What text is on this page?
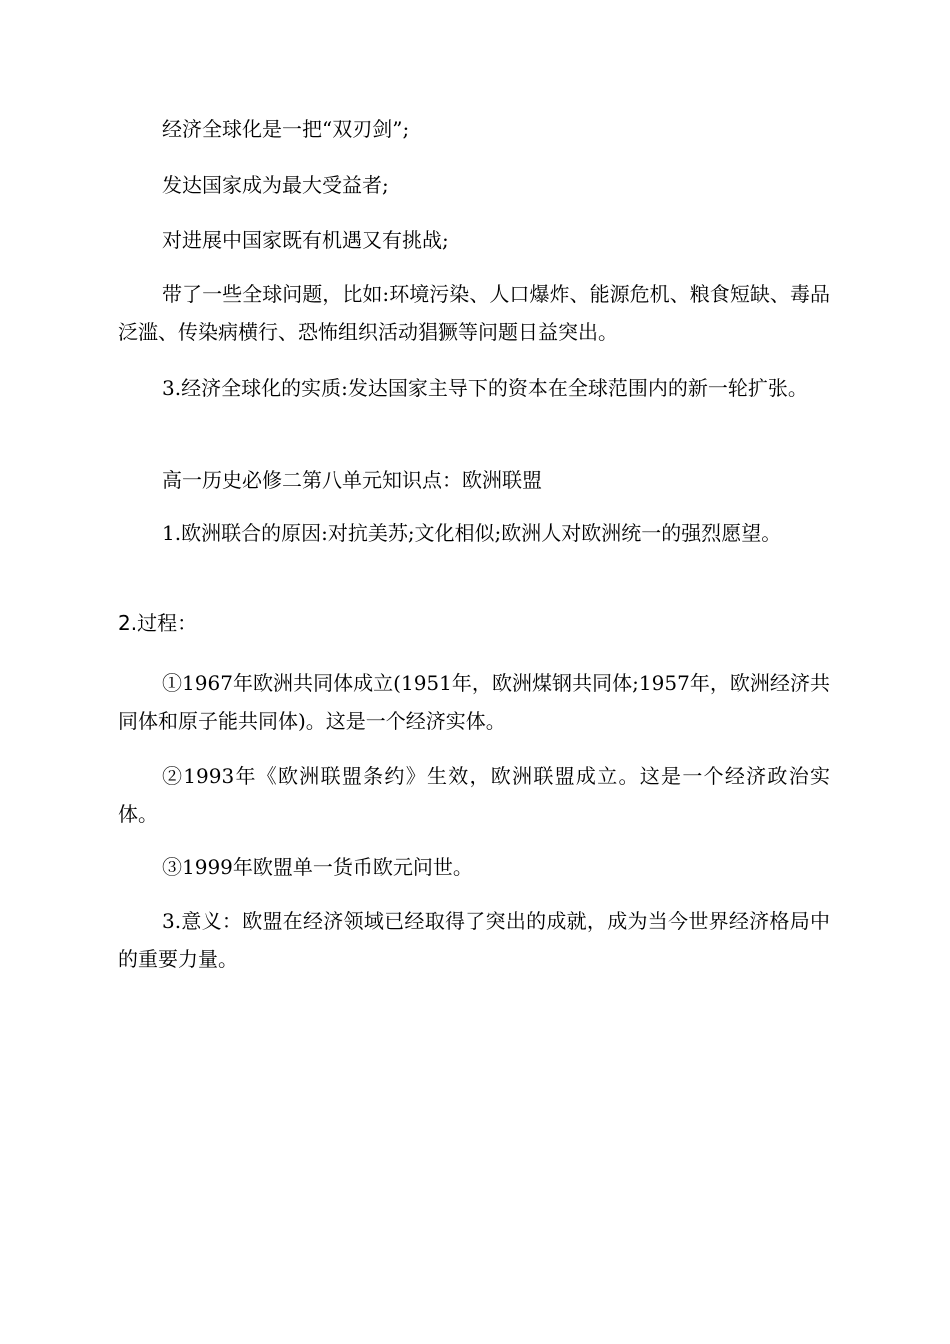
经济全球化是一把“双刃剑”;

发达国家成为最大受益者;

对进展中国家既有机遇又有挑战;

带了一些全球问题，比如:环境污染、人口爆炸、能源危机、粮食短缺、毒品泛滥、传染病横行、恐怖组织活动猖獗等问题日益突出。

3.经济全球化的实质:发达国家主导下的资本在全球范围内的新一轮扩张。

高一历史必修二第八单元知识点：欧洲联盟

1.欧洲联合的原因:对抗美苏;文化相似;欧洲人对欧洲统一的强烈愿望。

2.过程：

①1967年欧洲共同体成立(1951年，欧洲煤钢共同体;1957年，欧洲经济共同体和原子能共同体)。这是一个经济实体。

②1993年《欧洲联盟条约》生效，欧洲联盟成立。这是一个经济政治实体。

③1999年欧盟单一货币欧元问世。

3.意义：欧盟在经济领域已经取得了突出的成就，成为当今世界经济格局中的重要力量。
